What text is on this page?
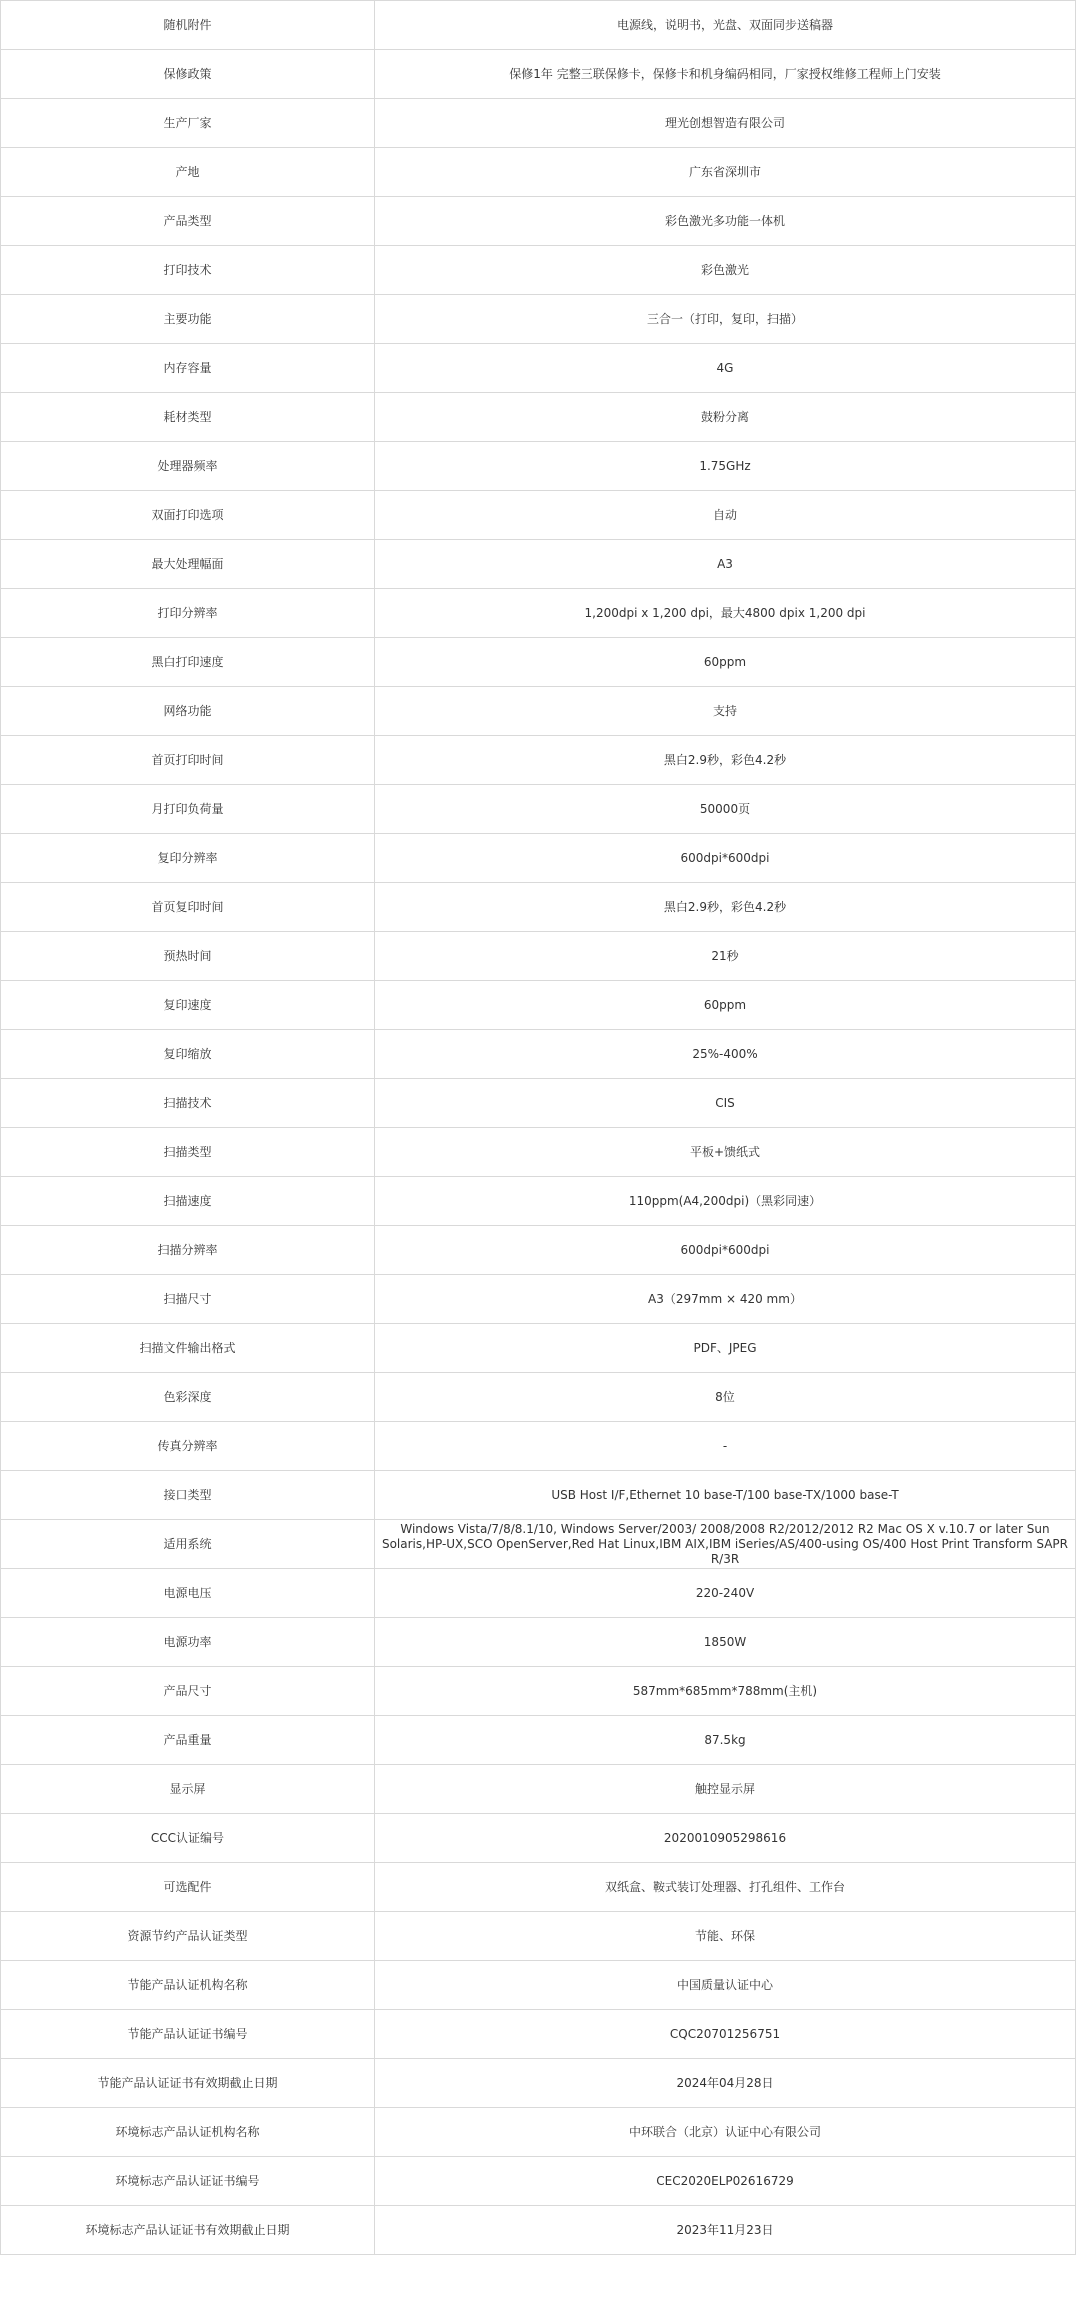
随机附件	电源线，说明书，光盘、双面同步送稿器
保修政策	保修1年 完整三联保修卡，保修卡和机身编码相同，厂家授权维修工程师上门安装
生产厂家	理光创想智造有限公司
产地	广东省深圳市
产品类型	彩色激光多功能一体机
打印技术	彩色激光
主要功能	三合一（打印，复印，扫描）
内存容量	4G
耗材类型	鼓粉分离
处理器频率	1.75GHz
双面打印选项	自动
最大处理幅面	A3
打印分辨率	1,200dpi x 1,200 dpi，最大4800 dpix 1,200 dpi
黑白打印速度	60ppm
网络功能	支持
首页打印时间	黑白2.9秒，彩色4.2秒
月打印负荷量	50000页
复印分辨率	600dpi*600dpi
首页复印时间	黑白2.9秒，彩色4.2秒
预热时间	21秒
复印速度	60ppm
复印缩放	25%-400%
扫描技术	CIS
扫描类型	平板+馈纸式
扫描速度	110ppm(A4,200dpi)（黑彩同速）
扫描分辨率	600dpi*600dpi
扫描尺寸	A3（297mm × 420 mm）
扫描文件输出格式	PDF、JPEG
色彩深度	8位
传真分辨率	-
接口类型	USB Host I/F,Ethernet 10 base-T/100 base-TX/1000 base-T
适用系统	Windows Vista/7/8/8.1/10, Windows Server/2003/ 2008/2008 R2/2012/2012 R2 Mac OS X v.10.7 or later Sun Solaris,HP-UX,SCO OpenServer,Red Hat Linux,IBM AIX,IBM iSeries/AS/400-using OS/400 Host Print Transform SAPR R/3R
电源电压	220-240V
电源功率	1850W
产品尺寸	587mm*685mm*788mm(主机)
产品重量	87.5kg
显示屏	触控显示屏
CCC认证编号	2020010905298616
可选配件	双纸盒、鞍式装订处理器、打孔组件、工作台
资源节约产品认证类型	节能、环保
节能产品认证机构名称	中国质量认证中心
节能产品认证证书编号	CQC20701256751
节能产品认证证书有效期截止日期	2024年04月28日
环境标志产品认证机构名称	中环联合（北京）认证中心有限公司
环境标志产品认证证书编号	CEC2020ELP02616729
环境标志产品认证证书有效期截止日期	2023年11月23日
